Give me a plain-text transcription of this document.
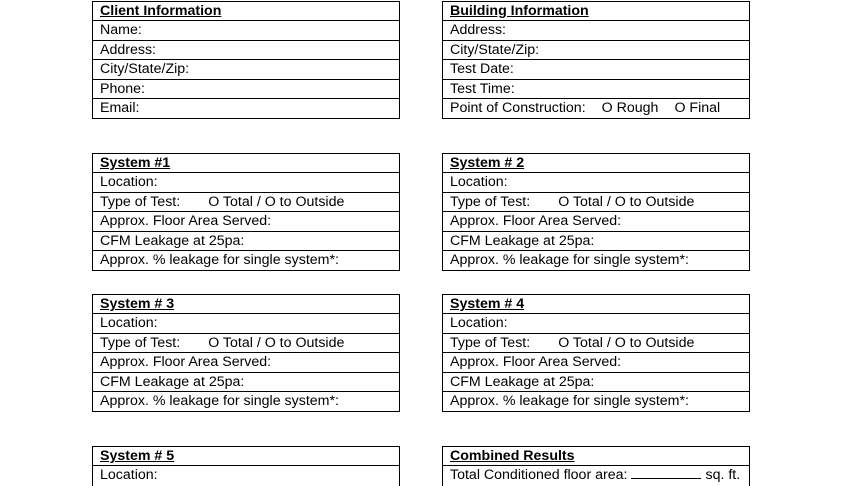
Client Information
Name:
Address:
City/State/Zip:
Phone:
Email:
Building Information
Address:
City/State/Zip:
Test Date:
Test Time:
Point of Construction: O Rough O Final
System #1
Location:
Type of Test: O Total / O to Outside
Approx. Floor Area Served:
CFM Leakage at 25pa:
Approx. % leakage for single system*:
System # 2
Location:
Type of Test: O Total / O to Outside
Approx. Floor Area Served:
CFM Leakage at 25pa:
Approx. % leakage for single system*:
System # 3
Location:
Type of Test: O Total / O to Outside
Approx. Floor Area Served:
CFM Leakage at 25pa:
Approx. % leakage for single system*:
System # 4
Location:
Type of Test: O Total / O to Outside
Approx. Floor Area Served:
CFM Leakage at 25pa:
Approx. % leakage for single system*:
System # 5
Location:
Combined Results
Total Conditioned floor area:	sq. ft.
